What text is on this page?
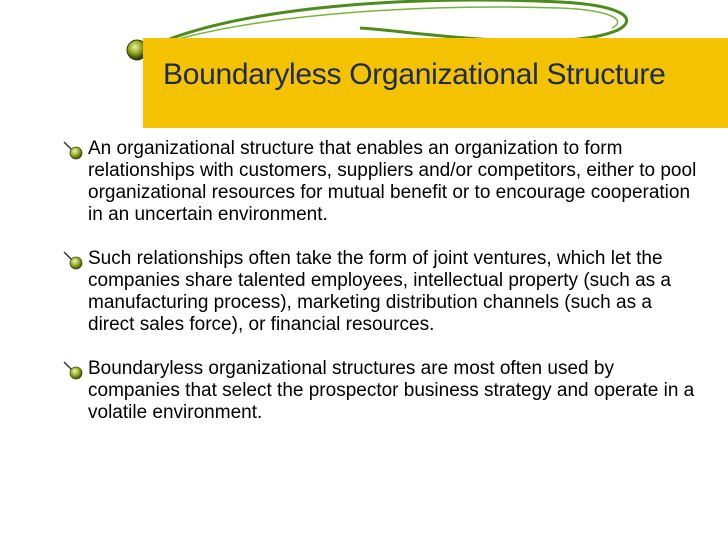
Boundaryless Organizational Structure
An organizational structure that enables an organization to form relationships with customers, suppliers and/or competitors, either to pool organizational resources for mutual benefit or to encourage cooperation in an uncertain environment.
Such relationships often take the form of joint ventures, which let the companies share talented employees, intellectual property (such as a manufacturing process), marketing distribution channels (such as a direct sales force), or financial resources.
Boundaryless organizational structures are most often used by companies that select the prospector business strategy and operate in a volatile environment.
